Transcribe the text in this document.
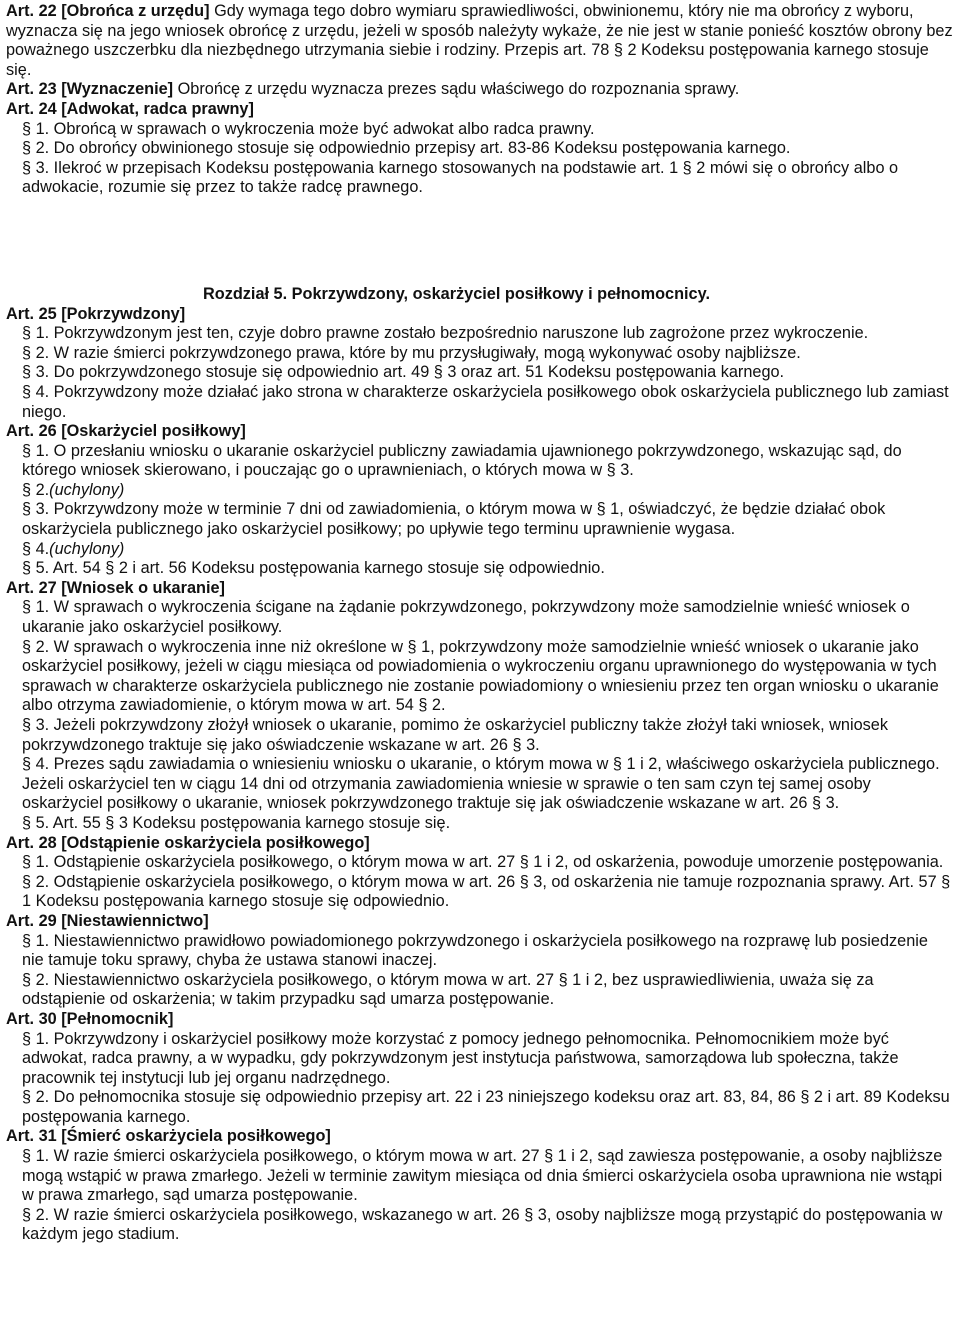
Art. 22 [Obrońca z urzędu] Gdy wymaga tego dobro wymiaru sprawiedliwości, obwinionemu, który nie ma obrońcy z wyboru, wyznacza się na jego wniosek obrońcę z urzędu, jeżeli w sposób należyty wykaże, że nie jest w stanie ponieść kosztów obrony bez poważnego uszczerbku dla niezbędnego utrzymania siebie i rodziny. Przepis art. 78 § 2 Kodeksu postępowania karnego stosuje się.

Art. 23 [Wyznaczenie] Obrońcę z urzędu wyznacza prezes sądu właściwego do rozpoznania sprawy.

Art. 24 [Adwokat, radca prawny]

§ 1. Obrońcą w sprawach o wykroczenia może być adwokat albo radca prawny.

§ 2. Do obrońcy obwinionego stosuje się odpowiednio przepisy art. 83-86 Kodeksu postępowania karnego.

§ 3. Ilekroć w przepisach Kodeksu postępowania karnego stosowanych na podstawie art. 1 § 2 mówi się o obrońcy albo o adwokacie, rozumie się przez to także radcę prawnego.

Rozdział 5. Pokrzywdzony, oskarżyciel posiłkowy i pełnomocnicy.

Art. 25 [Pokrzywdzony]

§ 1. Pokrzywdzonym jest ten, czyje dobro prawne zostało bezpośrednio naruszone lub zagrożone przez wykroczenie.

§ 2. W razie śmierci pokrzywdzonego prawa, które by mu przysługiwały, mogą wykonywać osoby najbliższe.

§ 3. Do pokrzywdzonego stosuje się odpowiednio art. 49 § 3 oraz art. 51 Kodeksu postępowania karnego.

§ 4. Pokrzywdzony może działać jako strona w charakterze oskarżyciela posiłkowego obok oskarżyciela publicznego lub zamiast niego.

Art. 26 [Oskarżyciel posiłkowy]

§ 1. O przesłaniu wniosku o ukaranie oskarżyciel publiczny zawiadamia ujawnionego pokrzywdzonego, wskazując sąd, do którego wniosek skierowano, i pouczając go o uprawnieniach, o których mowa w § 3.

§ 2.(uchylony)

§ 3. Pokrzywdzony może w terminie 7 dni od zawiadomienia, o którym mowa w § 1, oświadczyć, że będzie działać obok oskarżyciela publicznego jako oskarżyciel posiłkowy; po upływie tego terminu uprawnienie wygasa.

§ 4.(uchylony)

§ 5. Art. 54 § 2 i art. 56 Kodeksu postępowania karnego stosuje się odpowiednio.

Art. 27 [Wniosek o ukaranie]

§ 1. W sprawach o wykroczenia ścigane na żądanie pokrzywdzonego, pokrzywdzony może samodzielnie wnieść wniosek o ukaranie jako oskarżyciel posiłkowy.

§ 2. W sprawach o wykroczenia inne niż określone w § 1, pokrzywdzony może samodzielnie wnieść wniosek o ukaranie jako oskarżyciel posiłkowy, jeżeli w ciągu miesiąca od powiadomienia o wykroczeniu organu uprawnionego do występowania w tych sprawach w charakterze oskarżyciela publicznego nie zostanie powiadomiony o wniesieniu przez ten organ wniosku o ukaranie albo otrzyma zawiadomienie, o którym mowa w art. 54 § 2.

§ 3. Jeżeli pokrzywdzony złożył wniosek o ukaranie, pomimo że oskarżyciel publiczny także złożył taki wniosek, wniosek pokrzywdzonego traktuje się jako oświadczenie wskazane w art. 26 § 3.

§ 4. Prezes sądu zawiadamia o wniesieniu wniosku o ukaranie, o którym mowa w § 1 i 2, właściwego oskarżyciela publicznego. Jeżeli oskarżyciel ten w ciągu 14 dni od otrzymania zawiadomienia wniesie w sprawie o ten sam czyn tej samej osoby oskarżyciel posiłkowy o ukaranie, wniosek pokrzywdzonego traktuje się jak oświadczenie wskazane w art. 26 § 3.

§ 5. Art. 55 § 3 Kodeksu postępowania karnego stosuje się.

Art. 28 [Odstąpienie oskarżyciela posiłkowego]

§ 1. Odstąpienie oskarżyciela posiłkowego, o którym mowa w art. 27 § 1 i 2, od oskarżenia, powoduje umorzenie postępowania.

§ 2. Odstąpienie oskarżyciela posiłkowego, o którym mowa w art. 26 § 3, od oskarżenia nie tamuje rozpoznania sprawy. Art. 57 § 1 Kodeksu postępowania karnego stosuje się odpowiednio.

Art. 29 [Niestawiennictwo]

§ 1. Niestawiennictwo prawidłowo powiadomionego pokrzywdzonego i oskarżyciela posiłkowego na rozprawę lub posiedzenie nie tamuje toku sprawy, chyba że ustawa stanowi inaczej.

§ 2. Niestawiennictwo oskarżyciela posiłkowego, o którym mowa w art. 27 § 1 i 2, bez usprawiedliwienia, uważa się za odstąpienie od oskarżenia; w takim przypadku sąd umarza postępowanie.

Art. 30 [Pełnomocnik]

§ 1. Pokrzywdzony i oskarżyciel posiłkowy może korzystać z pomocy jednego pełnomocnika. Pełnomocnikiem może być adwokat, radca prawny, a w wypadku, gdy pokrzywdzonym jest instytucja państwowa, samorządowa lub społeczna, także pracownik tej instytucji lub jej organu nadrzędnego.

§ 2. Do pełnomocnika stosuje się odpowiednio przepisy art. 22 i 23 niniejszego kodeksu oraz art. 83, 84, 86 § 2 i art. 89 Kodeksu postępowania karnego.

Art. 31 [Śmierć oskarżyciela posiłkowego]

§ 1. W razie śmierci oskarżyciela posiłkowego, o którym mowa w art. 27 § 1 i 2, sąd zawiesza postępowanie, a osoby najbliższe mogą wstąpić w prawa zmarłego. Jeżeli w terminie zawitym miesiąca od dnia śmierci oskarżyciela osoba uprawniona nie wstąpi w prawa zmarłego, sąd umarza postępowanie.

§ 2. W razie śmierci oskarżyciela posiłkowego, wskazanego w art. 26 § 3, osoby najbliższe mogą przystąpić do postępowania w każdym jego stadium.
